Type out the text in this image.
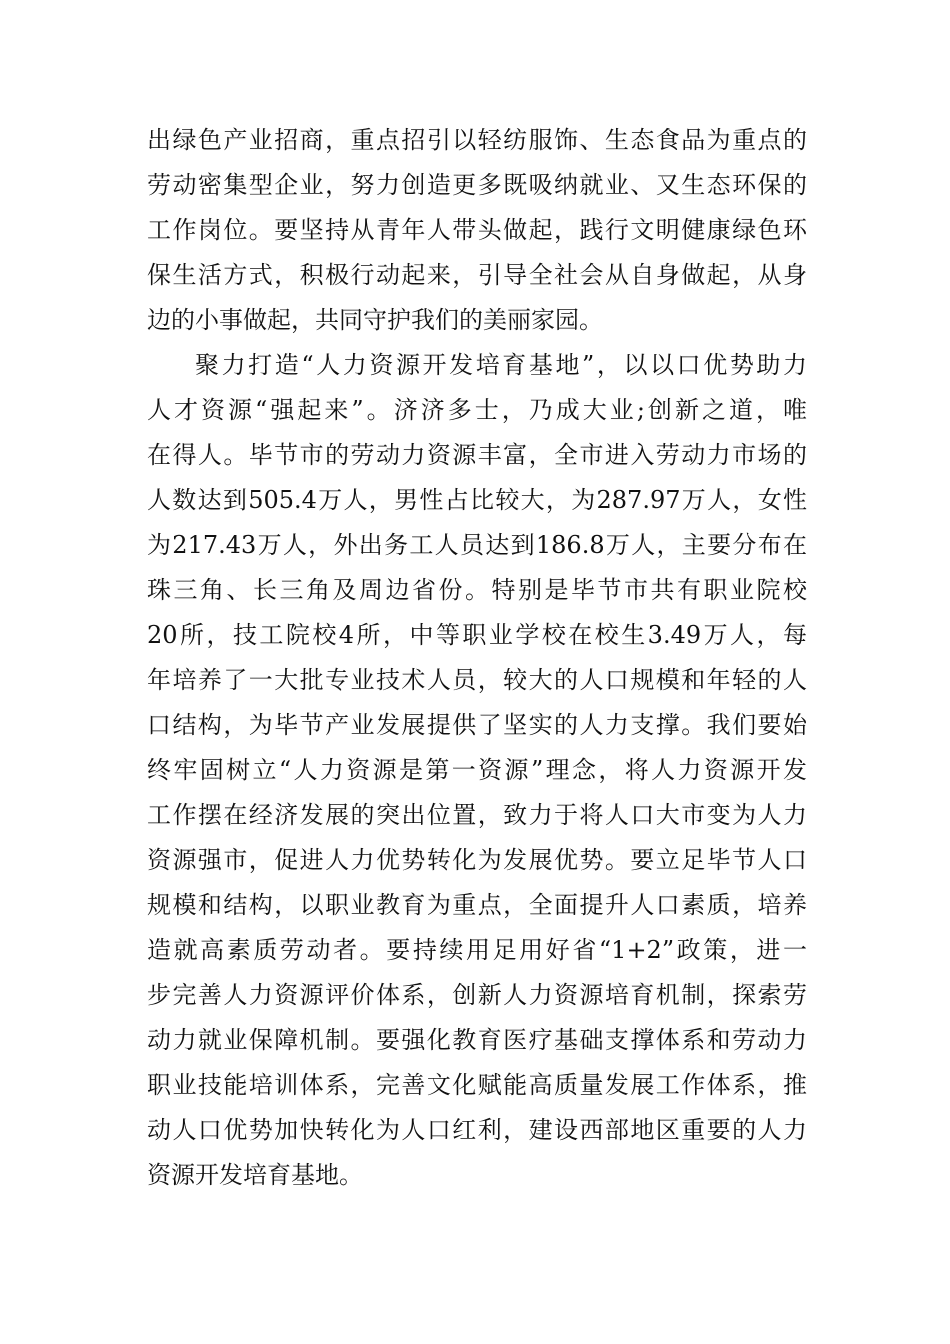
出绿色产业招商，重点招引以轻纺服饰、生态食品为重点的
劳动密集型企业，努力创造更多既吸纳就业、又生态环保的
工作岗位。要坚持从青年人带头做起，践行文明健康绿色环
保生活方式，积极行动起来，引导全社会从自身做起，从身
边的小事做起，共同守护我们的美丽家园。
聚力打造“人力资源开发培育基地”，以以口优势助力
人才资源“强起来”。济济多士，乃成大业;创新之道，唯
在得人。毕节市的劳动力资源丰富，全市进入劳动力市场的
人数达到505.4万人，男性占比较大，为287.97万人，女性
为217.43万人，外出务工人员达到186.8万人，主要分布在
珠三角、长三角及周边省份。特别是毕节市共有职业院校
20所，技工院校4所，中等职业学校在校生3.49万人，每
年培养了一大批专业技术人员，较大的人口规模和年轻的人
口结构，为毕节产业发展提供了坚实的人力支撑。我们要始
终牢固树立“人力资源是第一资源”理念，将人力资源开发
工作摆在经济发展的突出位置，致力于将人口大市变为人力
资源强市，促进人力优势转化为发展优势。要立足毕节人口
规模和结构，以职业教育为重点，全面提升人口素质，培养
造就高素质劳动者。要持续用足用好省“1+2”政策，进一
步完善人力资源评价体系，创新人力资源培育机制，探索劳
动力就业保障机制。要强化教育医疗基础支撑体系和劳动力
职业技能培训体系，完善文化赋能高质量发展工作体系，推
动人口优势加快转化为人口红利，建设西部地区重要的人力
资源开发培育基地。
